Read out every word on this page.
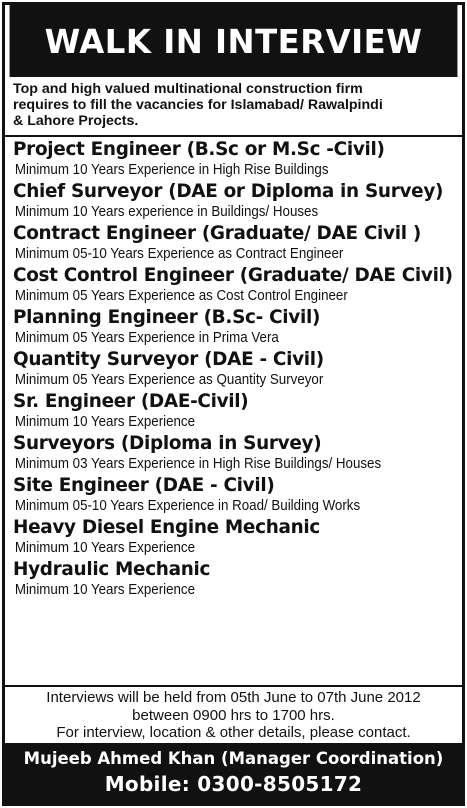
WALK IN INTERVIEW
Top and high valued multinational construction firm
requires to fill the vacancies for Islamabad/ Rawalpindi
& Lahore Projects.
Project Engineer (B.Sc or M.Sc -Civil)
Minimum 10 Years Experience in High Rise Buildings
Chief Surveyor (DAE or Diploma in Survey)
Minimum 10 Years experience in Buildings/ Houses
Contract Engineer (Graduate/ DAE Civil )
Minimum 05-10 Years Experience as Contract Engineer
Cost Control Engineer (Graduate/ DAE Civil)
Minimum 05 Years Experience as Cost Control Engineer
Planning Engineer (B.Sc- Civil)
Minimum 05 Years Experience in Prima Vera
Quantity Surveyor (DAE - Civil)
Minimum 05 Years Experience as Quantity Surveyor
Sr. Engineer (DAE-Civil)
Minimum 10 Years Experience
Surveyors (Diploma in Survey)
Minimum 03 Years Experience in High Rise Buildings/ Houses
Site Engineer (DAE - Civil)
Minimum 05-10 Years Experience in Road/ Building Works
Heavy Diesel Engine Mechanic
Minimum 10 Years Experience
Hydraulic Mechanic
Minimum 10 Years Experience
Interviews will be held from 05th June to 07th June 2012
between 0900 hrs to 1700 hrs.
For interview, location & other details, please contact.
Mujeeb Ahmed Khan (Manager Coordination)
Mobile: 0300-8505172
